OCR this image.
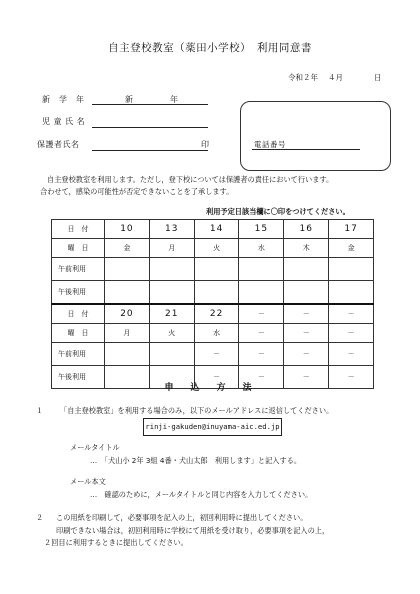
自主登校教室（薬田小学校）　利用同意書
令和２年 ４月	日
新　学　年	新	年
児 童 氏 名
保護者氏名	印	電話番号
自主登校教室を利用します。ただし，登下校については保護者の責任において行います。
合わせて，感染の可能性が否定できないことを了承します。
利用予定日該当欄に〇印をつけてください。
日　付	10	13	14	15	16	17
曜　日	金	月	火	水	木	金
午前利用						
午後利用						
日　付	20	21	22	－	－	－
曜　日	月	火	水	－	－	－
午前利用			－	－	－	－
午後利用			－	－	－	－
申　込　方　法
１ 「自主登校教室」を利用する場合のみ，以下のメールアドレスに返信してください。
rinji-gakuden@inuyama-aic.ed.jp
メールタイトル
…　「犬山小 2年 3組 4番・犬山太郎　利用します」と記入する。
メール本文
…　確認のために，メールタイトルと同じ内容を入力してください。
２ この用紙を印刷して，必要事項を記入の上，初回利用時に提出してください。
印刷できない場合は，初回利用時に学校にて用紙を受け取り，必要事項を記入の上，
２回目に利用するときに提出してください。
